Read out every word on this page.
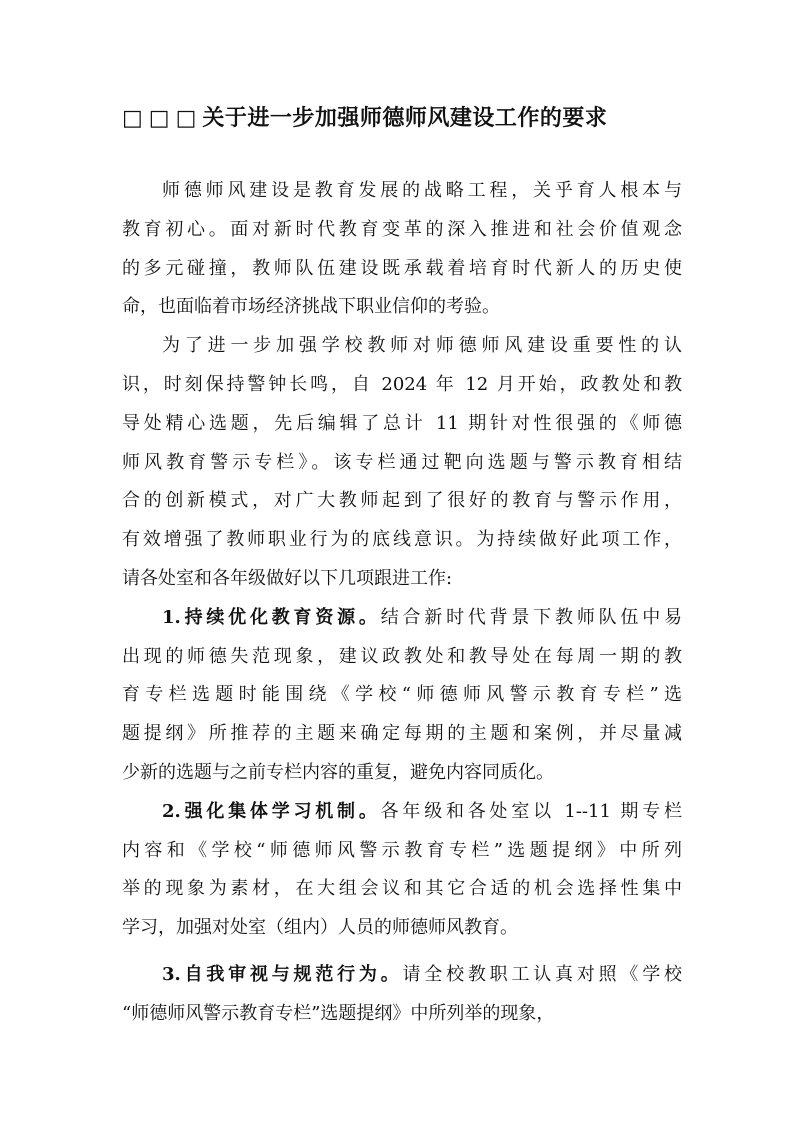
□□□关于进一步加强师德师风建设工作的要求
师德师风建设是教育发展的战略工程，关乎育人根本与
教育初心。面对新时代教育变革的深入推进和社会价值观念
的多元碰撞，教师队伍建设既承载着培育时代新人的历史使
命，也面临着市场经济挑战下职业信仰的考验。
为了进一步加强学校教师对师德师风建设重要性的认
识，时刻保持警钟长鸣，自 2024 年 12 月开始，政教处和教
导处精心选题，先后编辑了总计 11 期针对性很强的《师德
师风教育警示专栏》。该专栏通过靶向选题与警示教育相结
合的创新模式，对广大教师起到了很好的教育与警示作用，
有效增强了教师职业行为的底线意识。为持续做好此项工作，
请各处室和各年级做好以下几项跟进工作:
1.持续优化教育资源。结合新时代背景下教师队伍中易
出现的师德失范现象，建议政教处和教导处在每周一期的教
育专栏选题时能围绕《学校“师德师风警示教育专栏”选
题提纲》所推荐的主题来确定每期的主题和案例，并尽量减
少新的选题与之前专栏内容的重复，避免内容同质化。
2.强化集体学习机制。各年级和各处室以 1--11 期专栏
内容和《学校“师德师风警示教育专栏”选题提纲》中所列
举的现象为素材，在大组会议和其它合适的机会选择性集中
学习，加强对处室（组内）人员的师德师风教育。
3.自我审视与规范行为。请全校教职工认真对照《学校
“师德师风警示教育专栏”选题提纲》中所列举的现象，
